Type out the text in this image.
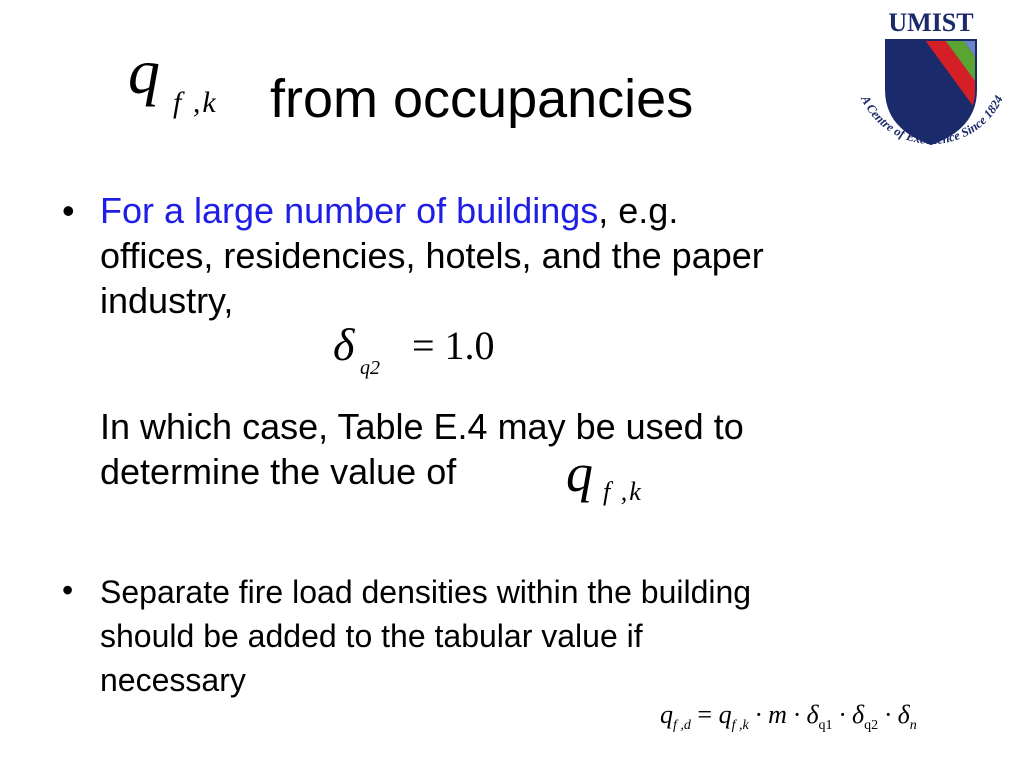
q f ,k from occupancies
UMIST
A Centre of Excellence Since 1824
• For a large number of buildings, e.g.
offices, residencies, hotels, and the paper
industry,
δ q2 = 1.0
In which case, Table E.4 may be used to
determine the value of	q f ,k
• Separate fire load densities within the building
should be added to the tabular value if
necessary
$q_{f ,d} = q_{f ,k} \cdot m \cdot \delta_{q1} \cdot \delta_{q2} \cdot \delta_n$
